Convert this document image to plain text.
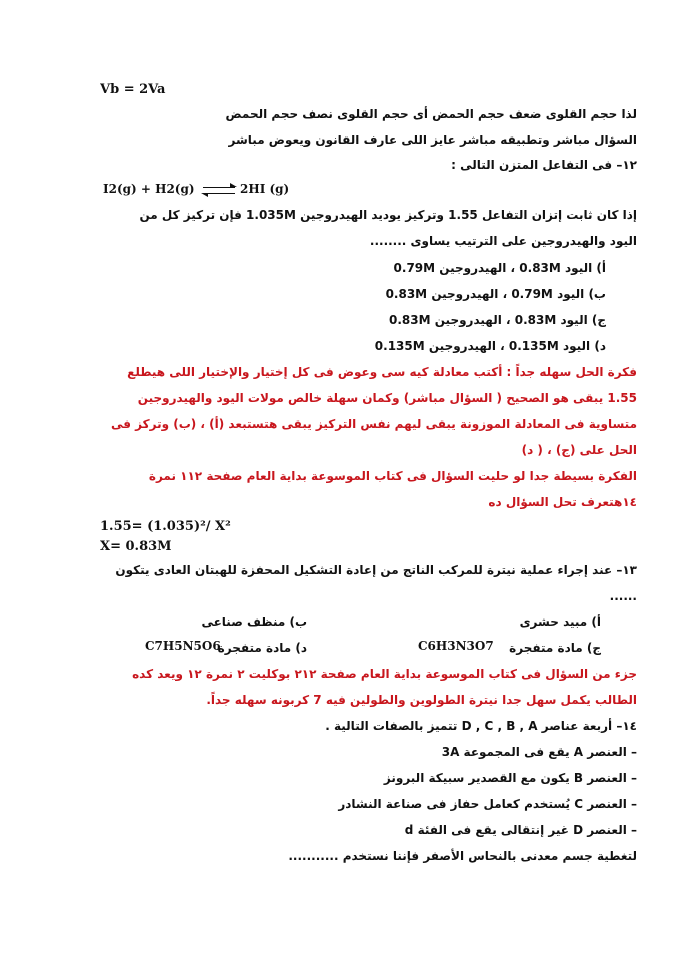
Vb = 2Va
لذا حجم القلوى ضعف حجم الحمض أى حجم القلوى نصف حجم الحمض
السؤال مباشر وتطبيقه مباشر عايز اللى عارف القانون ويعوض مباشر
١٢– فى التفاعل المتزن التالى :
I2(g) + H2(g)	2HI (g)
إذا كان ثابت إتزان التفاعل 1.55 وتركيز يوديد الهيدروجين 1.035M فإن تركيز كل من
اليود والهيدروجين على الترتيب يساوى ........
أ) اليود 0.83M ، الهيدروجين 0.79M
ب) اليود 0.79M ، الهيدروجين 0.83M
ج) اليود 0.83M ، الهيدروجين 0.83M
د) اليود 0.135M ، الهيدروجين 0.135M
فكرة الحل سهله جداً : أكتب معادلة كيه سى وعوض فى كل إختيار والإختيار اللى هيطلع
1.55 يبقى هو الصحيح ( السؤال مباشر) وكمان سهلة خالص مولات اليود والهيدروجين
متساوية فى المعادلة الموزونة يبقى ليهم نفس التركيز يبقى هتستبعد (أ) ، (ب) وتركز فى
الحل على (ج) ، ( د)
الفكرة بسيطة جدا لو حليت السؤال فى كتاب الموسوعة بداية العام صفحة ١١٢ نمرة
١٤هتعرف تحل السؤال ده
1.55= (1.035)²/ X²
X= 0.83M
١٣– عند إجراء عملية نيترة للمركب الناتج من إعادة التشكيل المحفزة للهبتان العادى يتكون
......
أ) مبيد حشرى
ب) منظف صناعى
ج) مادة متفجرة
C6H3N3O7
د) مادة متفجرة
C7H5N5O6
جزء من السؤال فى كتاب الموسوعة بداية العام صفحة ٢١٢ بوكليت ٢ نمرة ١٢ ويعد كده
الطالب يكمل سهل جدا نيترة الطولوين والطولين فيه 7 كربونه سهله جداً.
١٤– أربعة عناصر D , C , B , A تتميز بالصفات التالية .
– العنصر A يقع فى المجموعة 3A
– العنصر B يكون مع القصدير سبيكة البرونز
– العنصر C يُستخدم كعامل حفاز فى صناعة النشادر
– العنصر D غير إنتقالى يقع فى الفئة d
لتغطية جسم معدنى بالنحاس الأصفر فإننا نستخدم ...........
